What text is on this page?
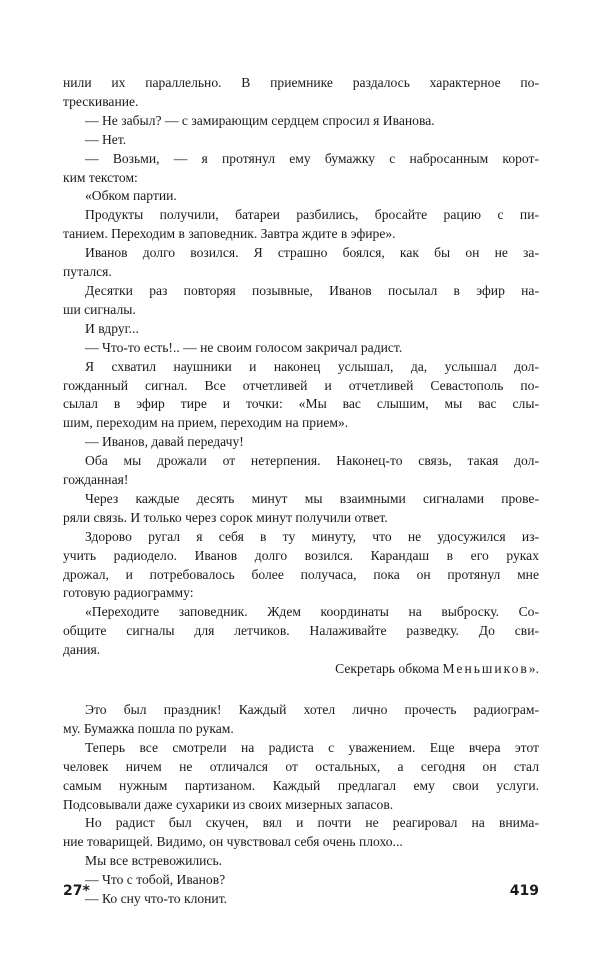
нили их параллельно. В приемнике раздалось характерное по-

трескивание.

— Не забыл? — с замирающим сердцем спросил я Иванова.

— Нет.

— Возьми, — я протянул ему бумажку с набросанным корот-

ким текстом:

«Обком партии.

Продукты получили, батареи разбились, бросайте рацию с пи-

танием. Переходим в заповедник. Завтра ждите в эфире».

Иванов долго возился. Я страшно боялся, как бы он не за-

путался.

Десятки раз повторяя позывные, Иванов посылал в эфир на-

ши сигналы.

И вдруг...

— Что-то есть!.. — не своим голосом закричал радист.

Я схватил наушники и наконец услышал, да, услышал дол-

гожданный сигнал. Все отчетливей и отчетливей Севастополь по-

сылал в эфир тире и точки: «Мы вас слышим, мы вас слы-

шим, переходим на прием, переходим на прием».

— Иванов, давай передачу!

Оба мы дрожали от нетерпения. Наконец-то связь, такая дол-

гожданная!

Через каждые десять минут мы взаимными сигналами прове-

ряли связь. И только через сорок минут получили ответ.

Здорово ругал я себя в ту минуту, что не удосужился из-

учить радиодело. Иванов долго возился. Карандаш в его руках

дрожал, и потребовалось более получаса, пока он протянул мне

готовую радиограмму:

«Переходите заповедник. Ждем координаты на выброску. Со-

общите сигналы для летчиков. Налаживайте разведку. До сви-

дания.

Секретарь обкома Меньшиков».

Это был праздник! Каждый хотел лично прочесть радиограм-

му. Бумажка пошла по рукам.

Теперь все смотрели на радиста с уважением. Еще вчера этот

человек ничем не отличался от остальных, а сегодня он стал

самым нужным партизаном. Каждый предлагал ему свои услуги.

Подсовывали даже сухарики из своих мизерных запасов.

Но радист был скучен, вял и почти не реагировал на внима-

ние товарищей. Видимо, он чувствовал себя очень плохо...

Мы все встревожились.

— Что с тобой, Иванов?

— Ко сну что-то клонит.

27*	419
